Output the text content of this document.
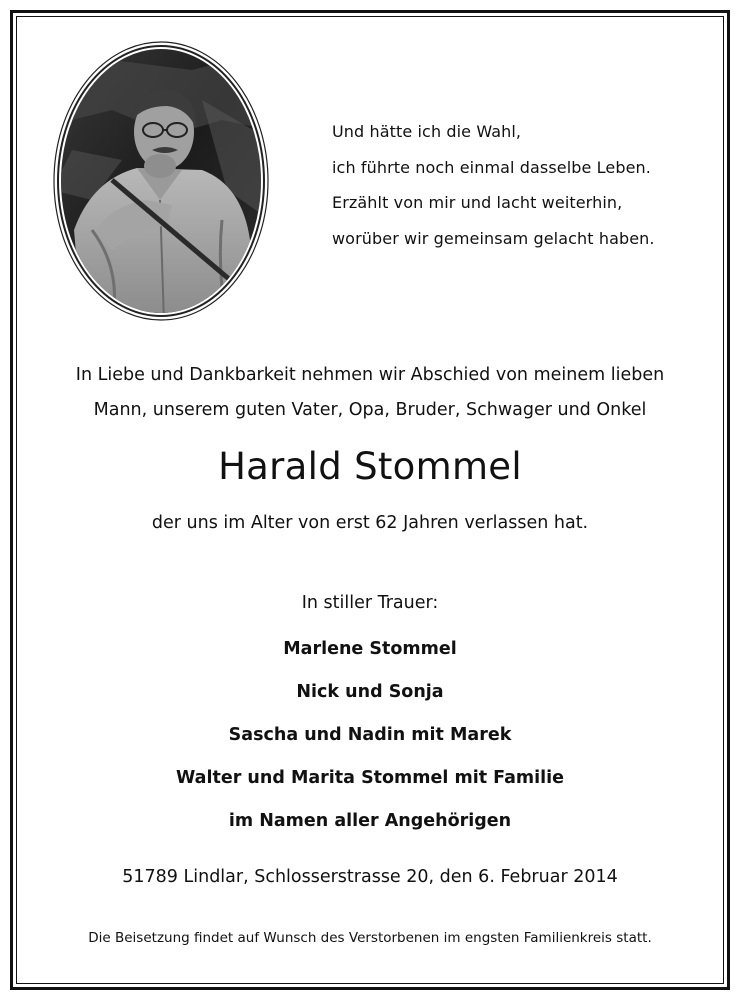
Und hätte ich die Wahl,
ich führte noch einmal dasselbe Leben.
Erzählt von mir und lacht weiterhin,
worüber wir gemeinsam gelacht haben.
In Liebe und Dankbarkeit nehmen wir Abschied von meinem lieben
Mann, unserem guten Vater, Opa, Bruder, Schwager und Onkel
Harald Stommel
der uns im Alter von erst 62 Jahren verlassen hat.
In stiller Trauer:
Marlene Stommel
Nick und Sonja
Sascha und Nadin mit Marek
Walter und Marita Stommel mit Familie
im Namen aller Angehörigen
51789 Lindlar, Schlosserstrasse 20, den 6. Februar 2014
Die Beisetzung findet auf Wunsch des Verstorbenen im engsten Familienkreis statt.
